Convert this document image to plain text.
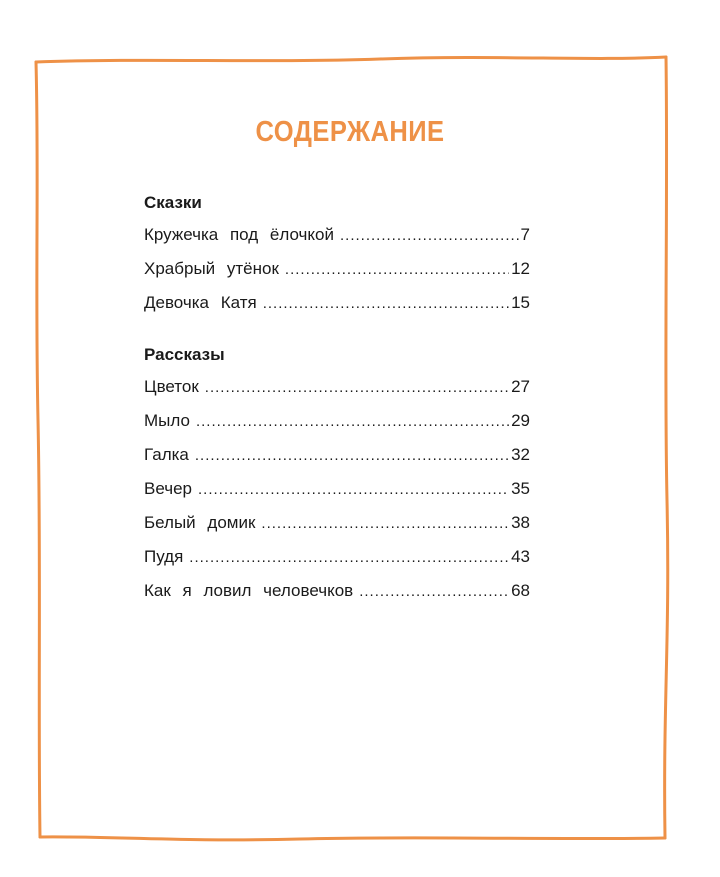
СОДЕРЖАНИЕ
Сказки
Кружечка под ёлочкой .....	7
Храбрый утёнок .....	12
Девочка Катя .....	15
Рассказы
Цветок .....	27
Мыло .....	29
Галка .....	32
Вечер .....	35
Белый домик .....	38
Пудя .....	43
Как я ловил человечков .....	68
